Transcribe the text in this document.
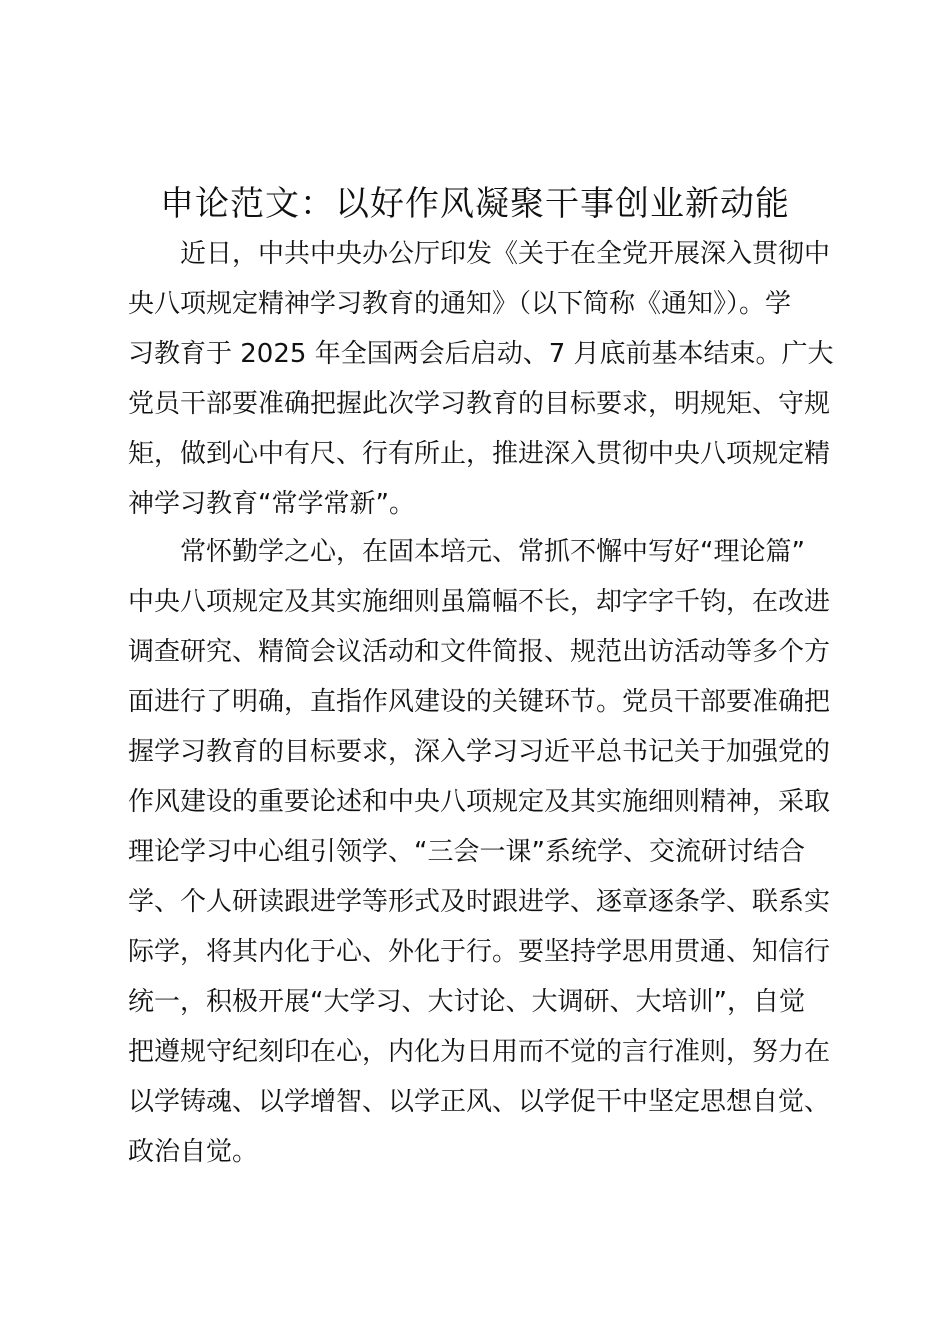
申论范文：以好作风凝聚干事创业新动能

近日，中共中央办公厅印发《关于在全党开展深入贯彻中

央八项规定精神学习教育的通知》（以下简称《通知》）。学

习教育于 2025 年全国两会后启动、7 月底前基本结束。广大

党员干部要准确把握此次学习教育的目标要求，明规矩、守规

矩，做到心中有尺、行有所止，推进深入贯彻中央八项规定精

神学习教育“常学常新”。

常怀勤学之心，在固本培元、常抓不懈中写好“理论篇”

中央八项规定及其实施细则虽篇幅不长，却字字千钧，在改进

调查研究、精简会议活动和文件简报、规范出访活动等多个方

面进行了明确，直指作风建设的关键环节。党员干部要准确把

握学习教育的目标要求，深入学习习近平总书记关于加强党的

作风建设的重要论述和中央八项规定及其实施细则精神，采取

理论学习中心组引领学、“三会一课”系统学、交流研讨结合

学、个人研读跟进学等形式及时跟进学、逐章逐条学、联系实

际学，将其内化于心、外化于行。要坚持学思用贯通、知信行

统一，积极开展“大学习、大讨论、大调研、大培训”，自觉

把遵规守纪刻印在心，内化为日用而不觉的言行准则，努力在

以学铸魂、以学增智、以学正风、以学促干中坚定思想自觉、

政治自觉。
